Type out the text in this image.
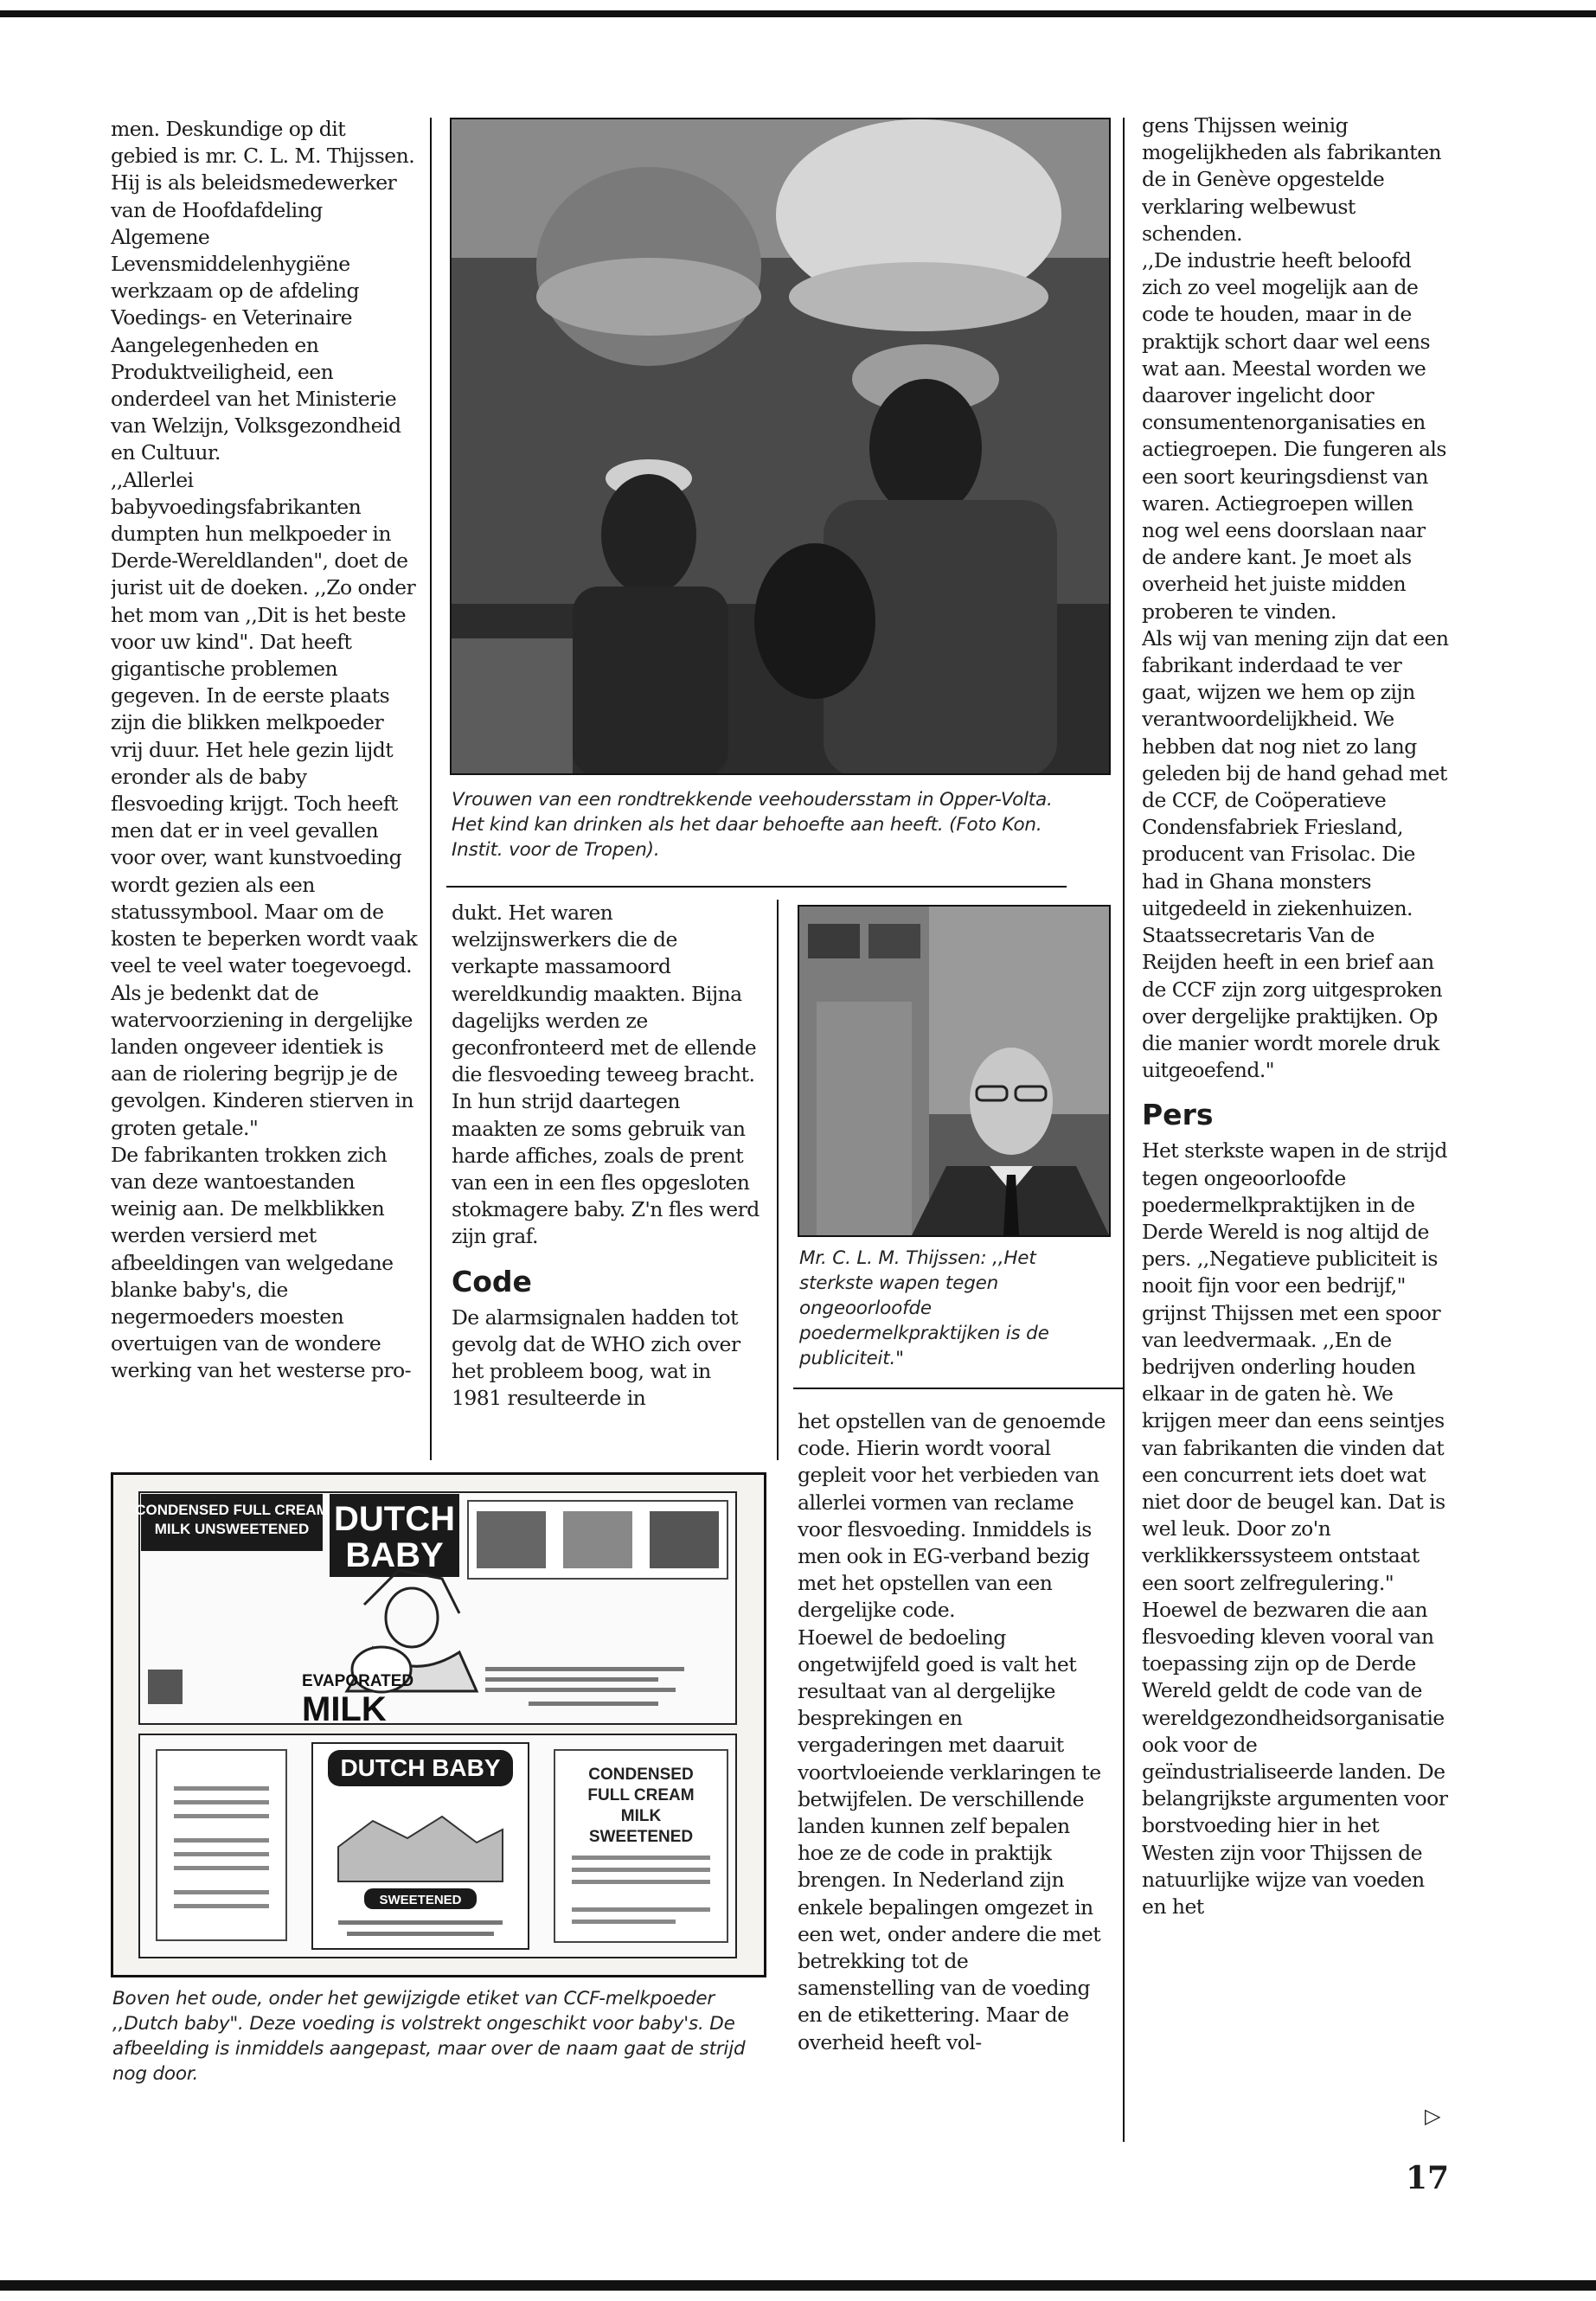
men. Deskundige op dit gebied is mr. C. L. M. Thijssen. Hij is als beleidsmedewerker van de Hoofdafdeling Algemene Levensmiddelenhygiëne werkzaam op de afdeling Voedings- en Veterinaire Aangelegenheden en Produktveiligheid, een onderdeel van het Ministerie van Welzijn, Volksgezondheid en Cultuur.

,,Allerlei babyvoedingsfabrikanten dumpten hun melkpoeder in Derde-Wereldlanden", doet de jurist uit de doeken. ,,Zo onder het mom van ,,Dit is het beste voor uw kind". Dat heeft gigantische problemen gegeven. In de eerste plaats zijn die blikken melkpoeder vrij duur. Het hele gezin lijdt eronder als de baby flesvoeding krijgt. Toch heeft men dat er in veel gevallen voor over, want kunstvoeding wordt gezien als een statussymbool. Maar om de kosten te beperken wordt vaak veel te veel water toegevoegd. Als je bedenkt dat de watervoorziening in dergelijke landen ongeveer identiek is aan de riolering begrijp je de gevolgen. Kinderen stierven in groten getale."

De fabrikanten trokken zich van deze wantoestanden weinig aan. De melkblikken werden versierd met afbeeldingen van welgedane blanke baby's, die negermoeders moesten overtuigen van de wondere werking van het westerse pro-

Vrouwen van een rondtrekkende veehoudersstam in Opper-Volta. Het kind kan drinken als het daar behoefte aan heeft. (Foto Kon. Instit. voor de Tropen).

dukt. Het waren welzijnswerkers die de verkapte massamoord wereldkundig maakten. Bijna dagelijks werden ze geconfronteerd met de ellende die flesvoeding teweeg bracht. In hun strijd daartegen maakten ze soms gebruik van harde affiches, zoals de prent van een in een fles opgesloten stokmagere baby. Z'n fles werd zijn graf.

Code

De alarmsignalen hadden tot gevolg dat de WHO zich over het probleem boog, wat in 1981 resulteerde in

Mr. C. L. M. Thijssen: ,,Het sterkste wapen tegen ongeoorloofde poedermelkpraktijken is de publiciteit."

het opstellen van de genoemde code. Hierin wordt vooral gepleit voor het verbieden van allerlei vormen van reclame voor flesvoeding. Inmiddels is men ook in EG-verband bezig met het opstellen van een dergelijke code.

Hoewel de bedoeling ongetwijfeld goed is valt het resultaat van al dergelijke besprekingen en vergaderingen met daaruit voortvloeiende verklaringen te betwijfelen. De verschillende landen kunnen zelf bepalen hoe ze de code in praktijk brengen. In Nederland zijn enkele bepalingen omgezet in een wet, onder andere die met betrekking tot de samenstelling van de voeding en de etikettering. Maar de overheid heeft vol-

gens Thijssen weinig mogelijkheden als fabrikanten de in Genève opgestelde verklaring welbewust schenden.

,,De industrie heeft beloofd zich zo veel mogelijk aan de code te houden, maar in de praktijk schort daar wel eens wat aan. Meestal worden we daarover ingelicht door consumentenorganisaties en actiegroepen. Die fungeren als een soort keuringsdienst van waren. Actiegroepen willen nog wel eens doorslaan naar de andere kant. Je moet als overheid het juiste midden proberen te vinden.

Als wij van mening zijn dat een fabrikant inderdaad te ver gaat, wijzen we hem op zijn verantwoordelijkheid. We hebben dat nog niet zo lang geleden bij de hand gehad met de CCF, de Coöperatieve Condensfabriek Friesland, producent van Frisolac. Die had in Ghana monsters uitgedeeld in ziekenhuizen. Staatssecretaris Van de Reijden heeft in een brief aan de CCF zijn zorg uitgesproken over dergelijke praktijken. Op die manier wordt morele druk uitgeoefend."

Pers

Het sterkste wapen in de strijd tegen ongeoorloofde poedermelkpraktijken in de Derde Wereld is nog altijd de pers. ,,Negatieve publiciteit is nooit fijn voor een bedrijf," grijnst Thijssen met een spoor van leedvermaak. ,,En de bedrijven onderling houden elkaar in de gaten hè. We krijgen meer dan eens seintjes van fabrikanten die vinden dat een concurrent iets doet wat niet door de beugel kan. Dat is wel leuk. Door zo'n verklikkerssysteem ontstaat een soort zelfregulering."

Hoewel de bezwaren die aan flesvoeding kleven vooral van toepassing zijn op de Derde Wereld geldt de code van de wereldgezondheidsorganisatie ook voor de geïndustrialiseerde landen. De belangrijkste argumenten voor borstvoeding hier in het Westen zijn voor Thijssen de natuurlijke wijze van voeden en het

▷
CONDENSED FULL CREAM
MILK UNSWEETENED DUTCH
BABY
EVAPORATED
MILK
DUTCH BABY
SWEETENED
CONDENSED
FULL CREAM
MILK
SWEETENED
Boven het oude, onder het gewijzigde etiket van CCF-melkpoeder ,,Dutch baby". Deze voeding is volstrekt ongeschikt voor baby's. De afbeelding is inmiddels aangepast, maar over de naam gaat de strijd nog door.
17
